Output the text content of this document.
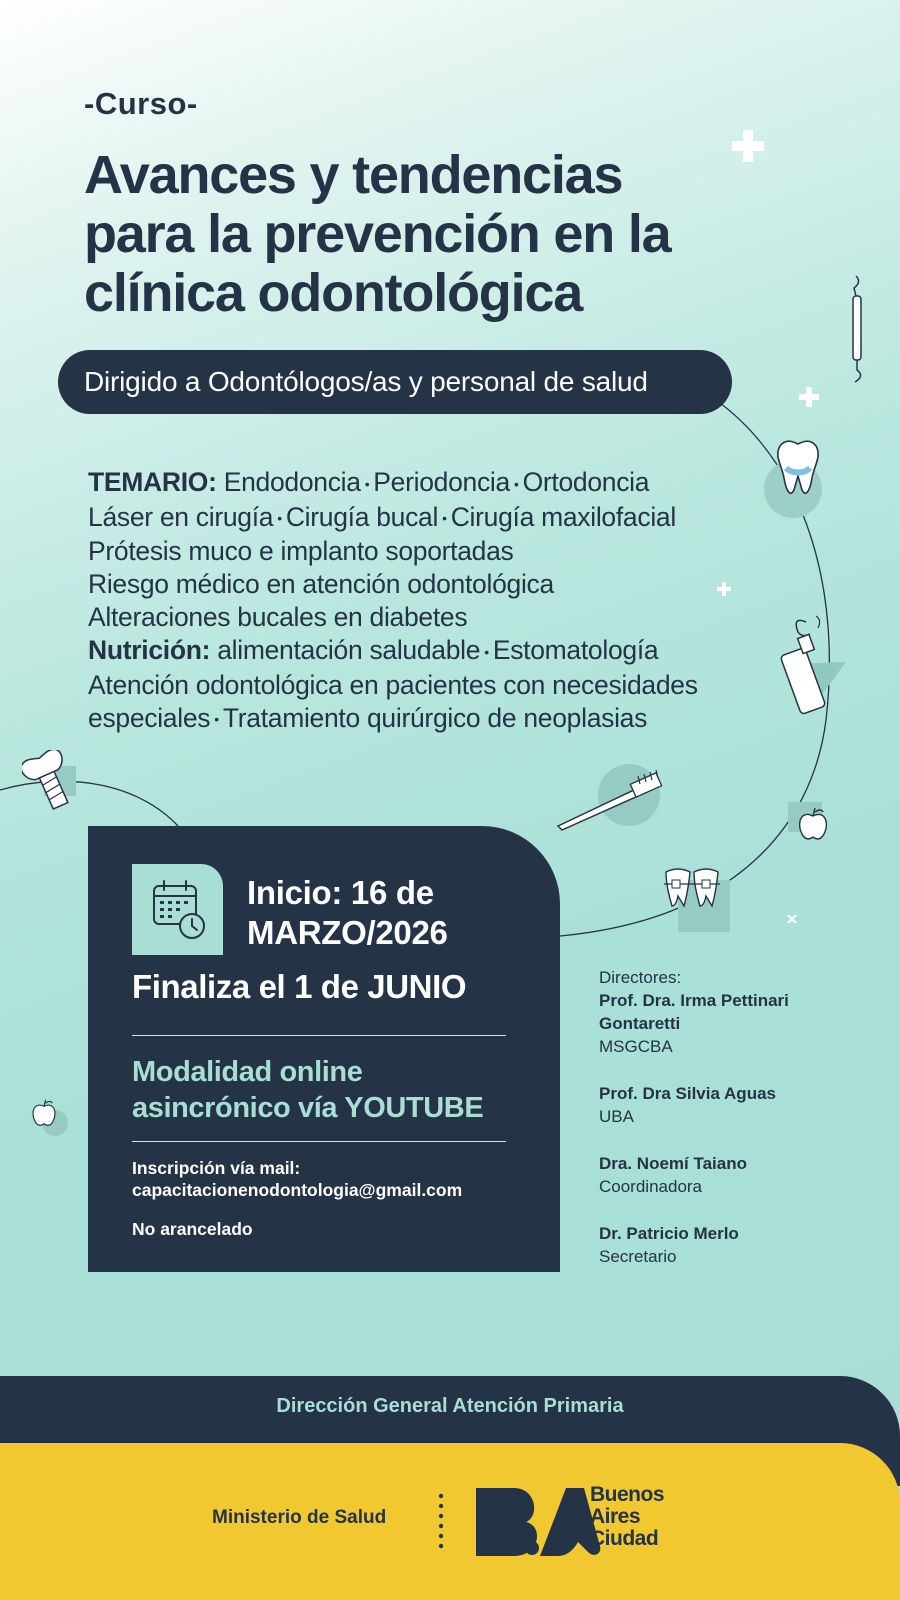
-Curso-
Avances y tendencias
para la prevención en la
clínica odontológica
Dirigido a Odontólogos/as y personal de salud
TEMARIO: Endodoncia • Periodoncia • Ortodoncia
Láser en cirugía • Cirugía bucal • Cirugía maxilofacial
Prótesis muco e implanto soportadas
Riesgo médico en atención odontológica
Alteraciones bucales en diabetes
Nutrición: alimentación saludable • Estomatología
Atención odontológica en pacientes con necesidades
especiales • Tratamiento quirúrgico de neoplasias
Inicio: 16 de
MARZO/2026
Finaliza el 1 de JUNIO
Modalidad online
asincrónico vía YOUTUBE
Inscripción vía mail:
capacitacionenodontologia@gmail.com
No arancelado
Directores:
Prof. Dra. Irma Pettinari
Gontaretti
MSGCBA
Prof. Dra Silvia Aguas
UBA
Dra. Noemí Taiano
Coordinadora
Dr. Patricio Merlo
Secretario
Dirección General Atención Primaria
Ministerio de Salud
Buenos
Aires
Ciudad
